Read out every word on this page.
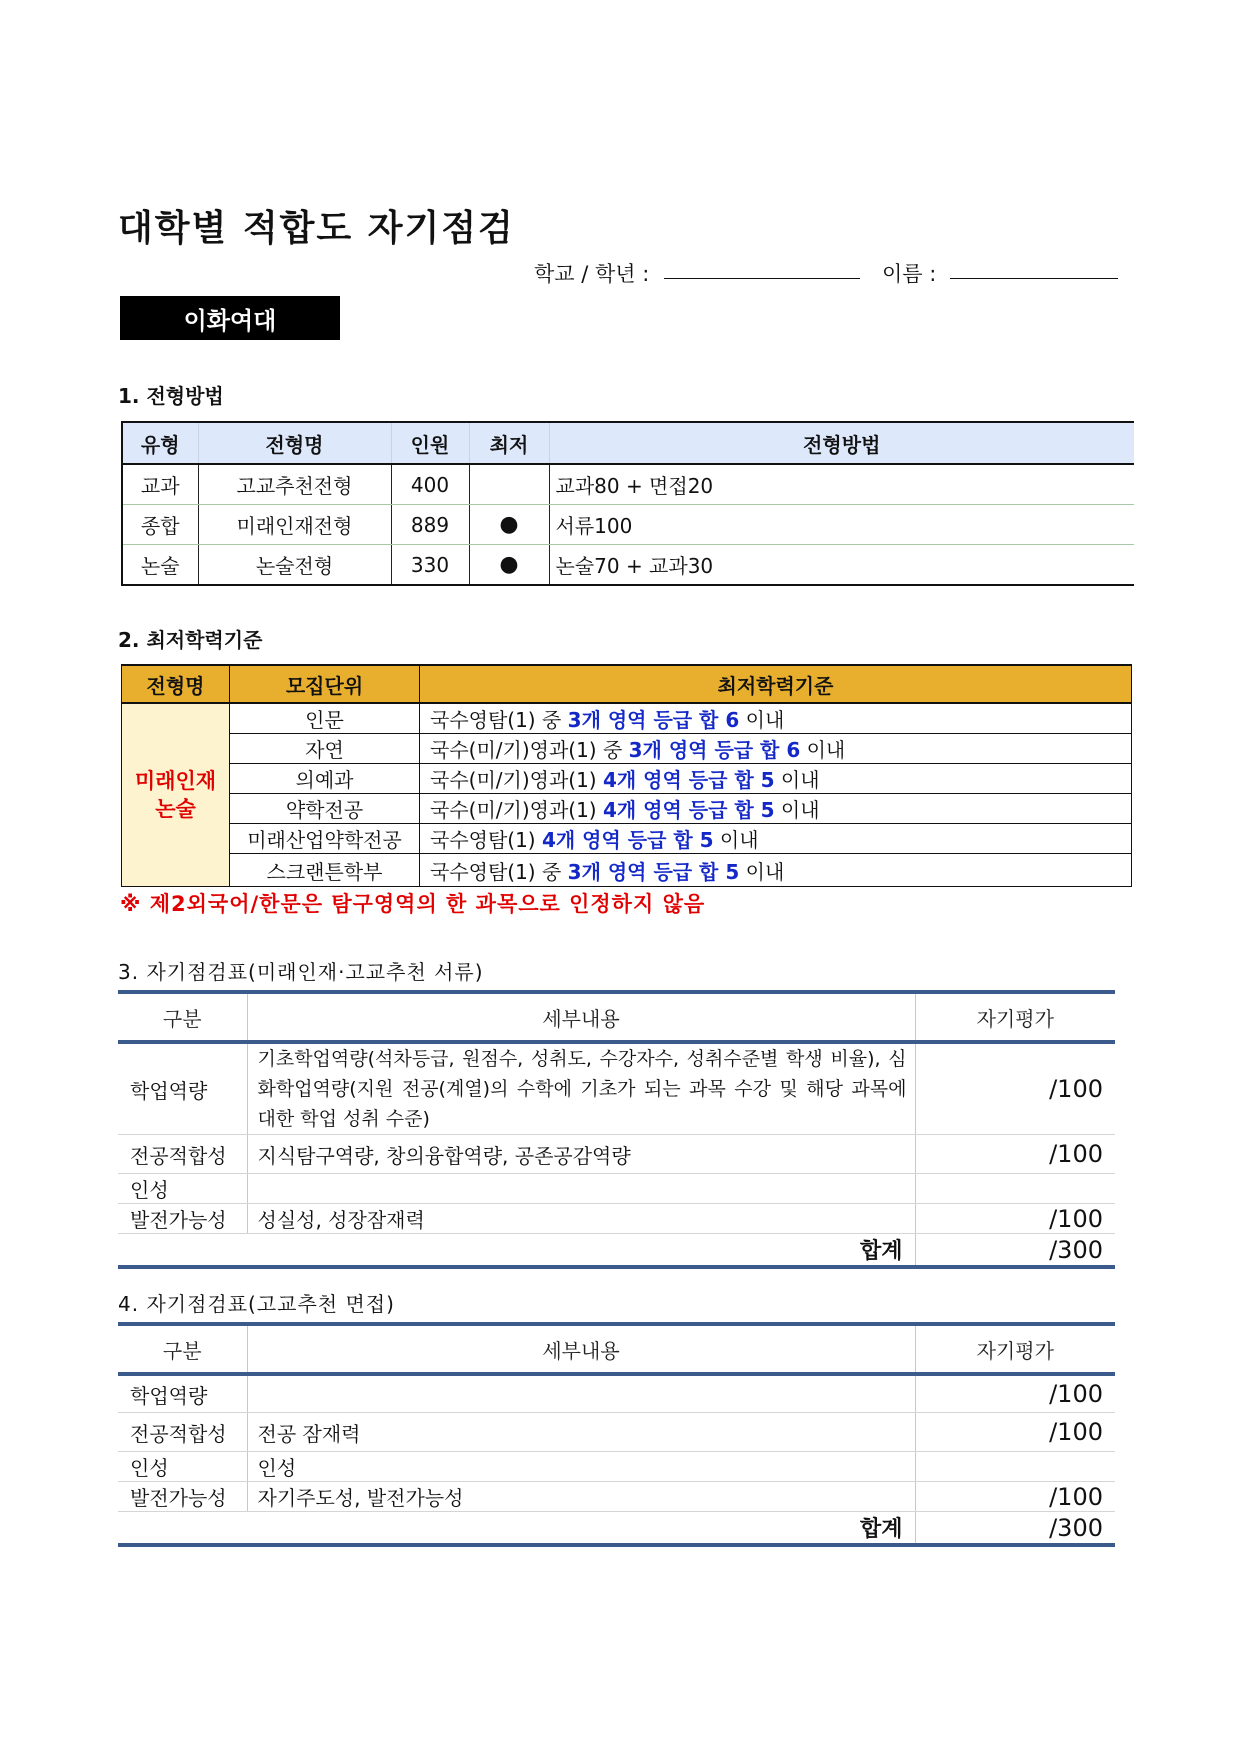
대학별 적합도 자기점검
학교 / 학년 :	이름 :
이화여대
1. 전형방법
유형	전형명	인원	최저	전형방법
교과	고교추천전형	400		교과80 + 면접20
종합	미래인재전형	889	●	서류100
논술	논술전형	330	●	논술70 + 교과30
2. 최저학력기준
전형명	모집단위	최저학력기준
미래인재
논술	인문	국수영탐(1) 중 3개 영역 등급 합 6 이내
	자연	국수(미/기)영과(1) 중 3개 영역 등급 합 6 이내
	의예과	국수(미/기)영과(1) 4개 영역 등급 합 5 이내
	약학전공	국수(미/기)영과(1) 4개 영역 등급 합 5 이내
	미래산업약학전공	국수영탐(1) 4개 영역 등급 합 5 이내
	스크랜튼학부	국수영탐(1) 중 3개 영역 등급 합 5 이내
※ 제2외국어/한문은 탐구영역의 한 과목으로 인정하지 않음
3. 자기점검표(미래인재·고교추천 서류)
구분	세부내용	자기평가
학업역량	기초학업역량(석차등급, 원점수, 성취도, 수강자수, 성취수준별 학생 비율), 심화학업역량(지원 전공(계열)의 수학에 기초가 되는 과목 수강 및 해당 과목에 대한 학업 성취 수준)	/100
전공적합성	지식탐구역량, 창의융합역량, 공존공감역량	/100
인성		
발전가능성	성실성, 성장잠재력	/100
	합계	/300
4. 자기점검표(고교추천 면접)
구분	세부내용	자기평가
학업역량		/100
전공적합성	전공 잠재력	/100
인성	인성	
발전가능성	자기주도성, 발전가능성	/100
	합계	/300
